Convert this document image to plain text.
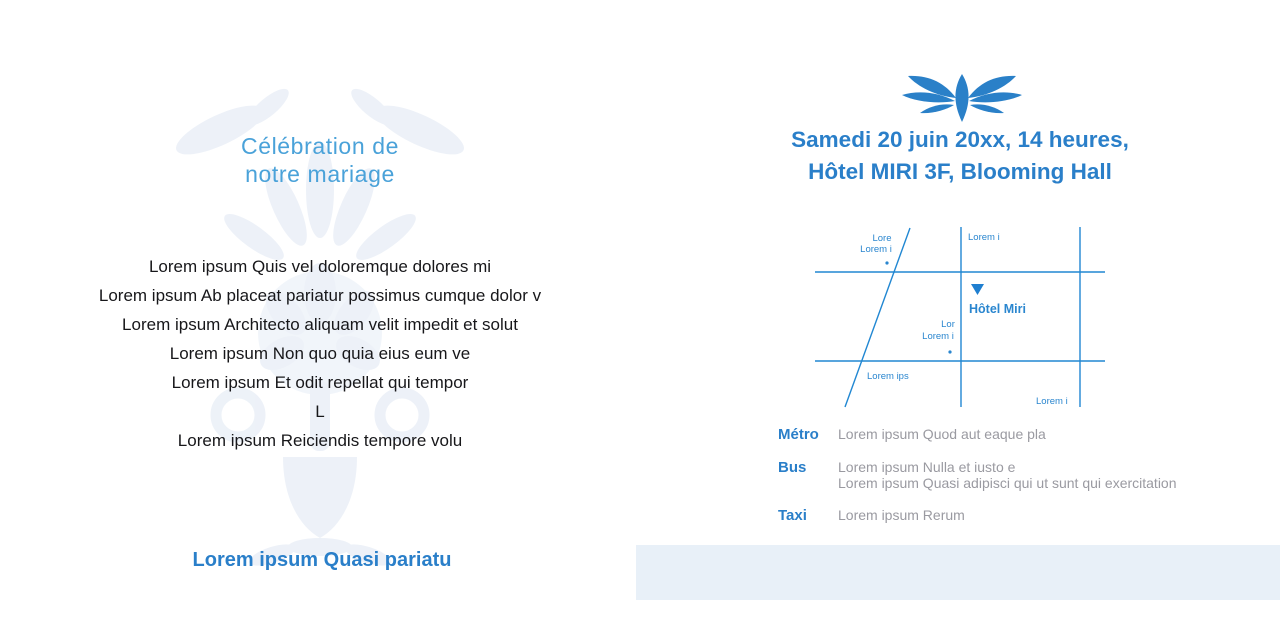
Célébration de
notre mariage
Lorem ipsum Quis vel doloremque dolores mi
Lorem ipsum Ab placeat pariatur possimus cumque dolor v
Lorem ipsum Architecto aliquam velit impedit et solut
Lorem ipsum Non quo quia eius eum ve
Lorem ipsum Et odit repellat qui tempor
L
Lorem ipsum Reiciendis tempore volu
Lorem ipsum Quasi pariatu
Samedi 20 juin 20xx, 14 heures,
Hôtel MIRI 3F, Blooming Hall
Lore
Lorem i
Lorem i
Hôtel Miri
Lor
Lorem i
Lorem ips
Lorem i
Métro	Lorem ipsum Quod aut eaque pla
Bus	Lorem ipsum Nulla et iusto e
Lorem ipsum Quasi adipisci qui ut sunt qui exercitation
Taxi	Lorem ipsum Rerum
